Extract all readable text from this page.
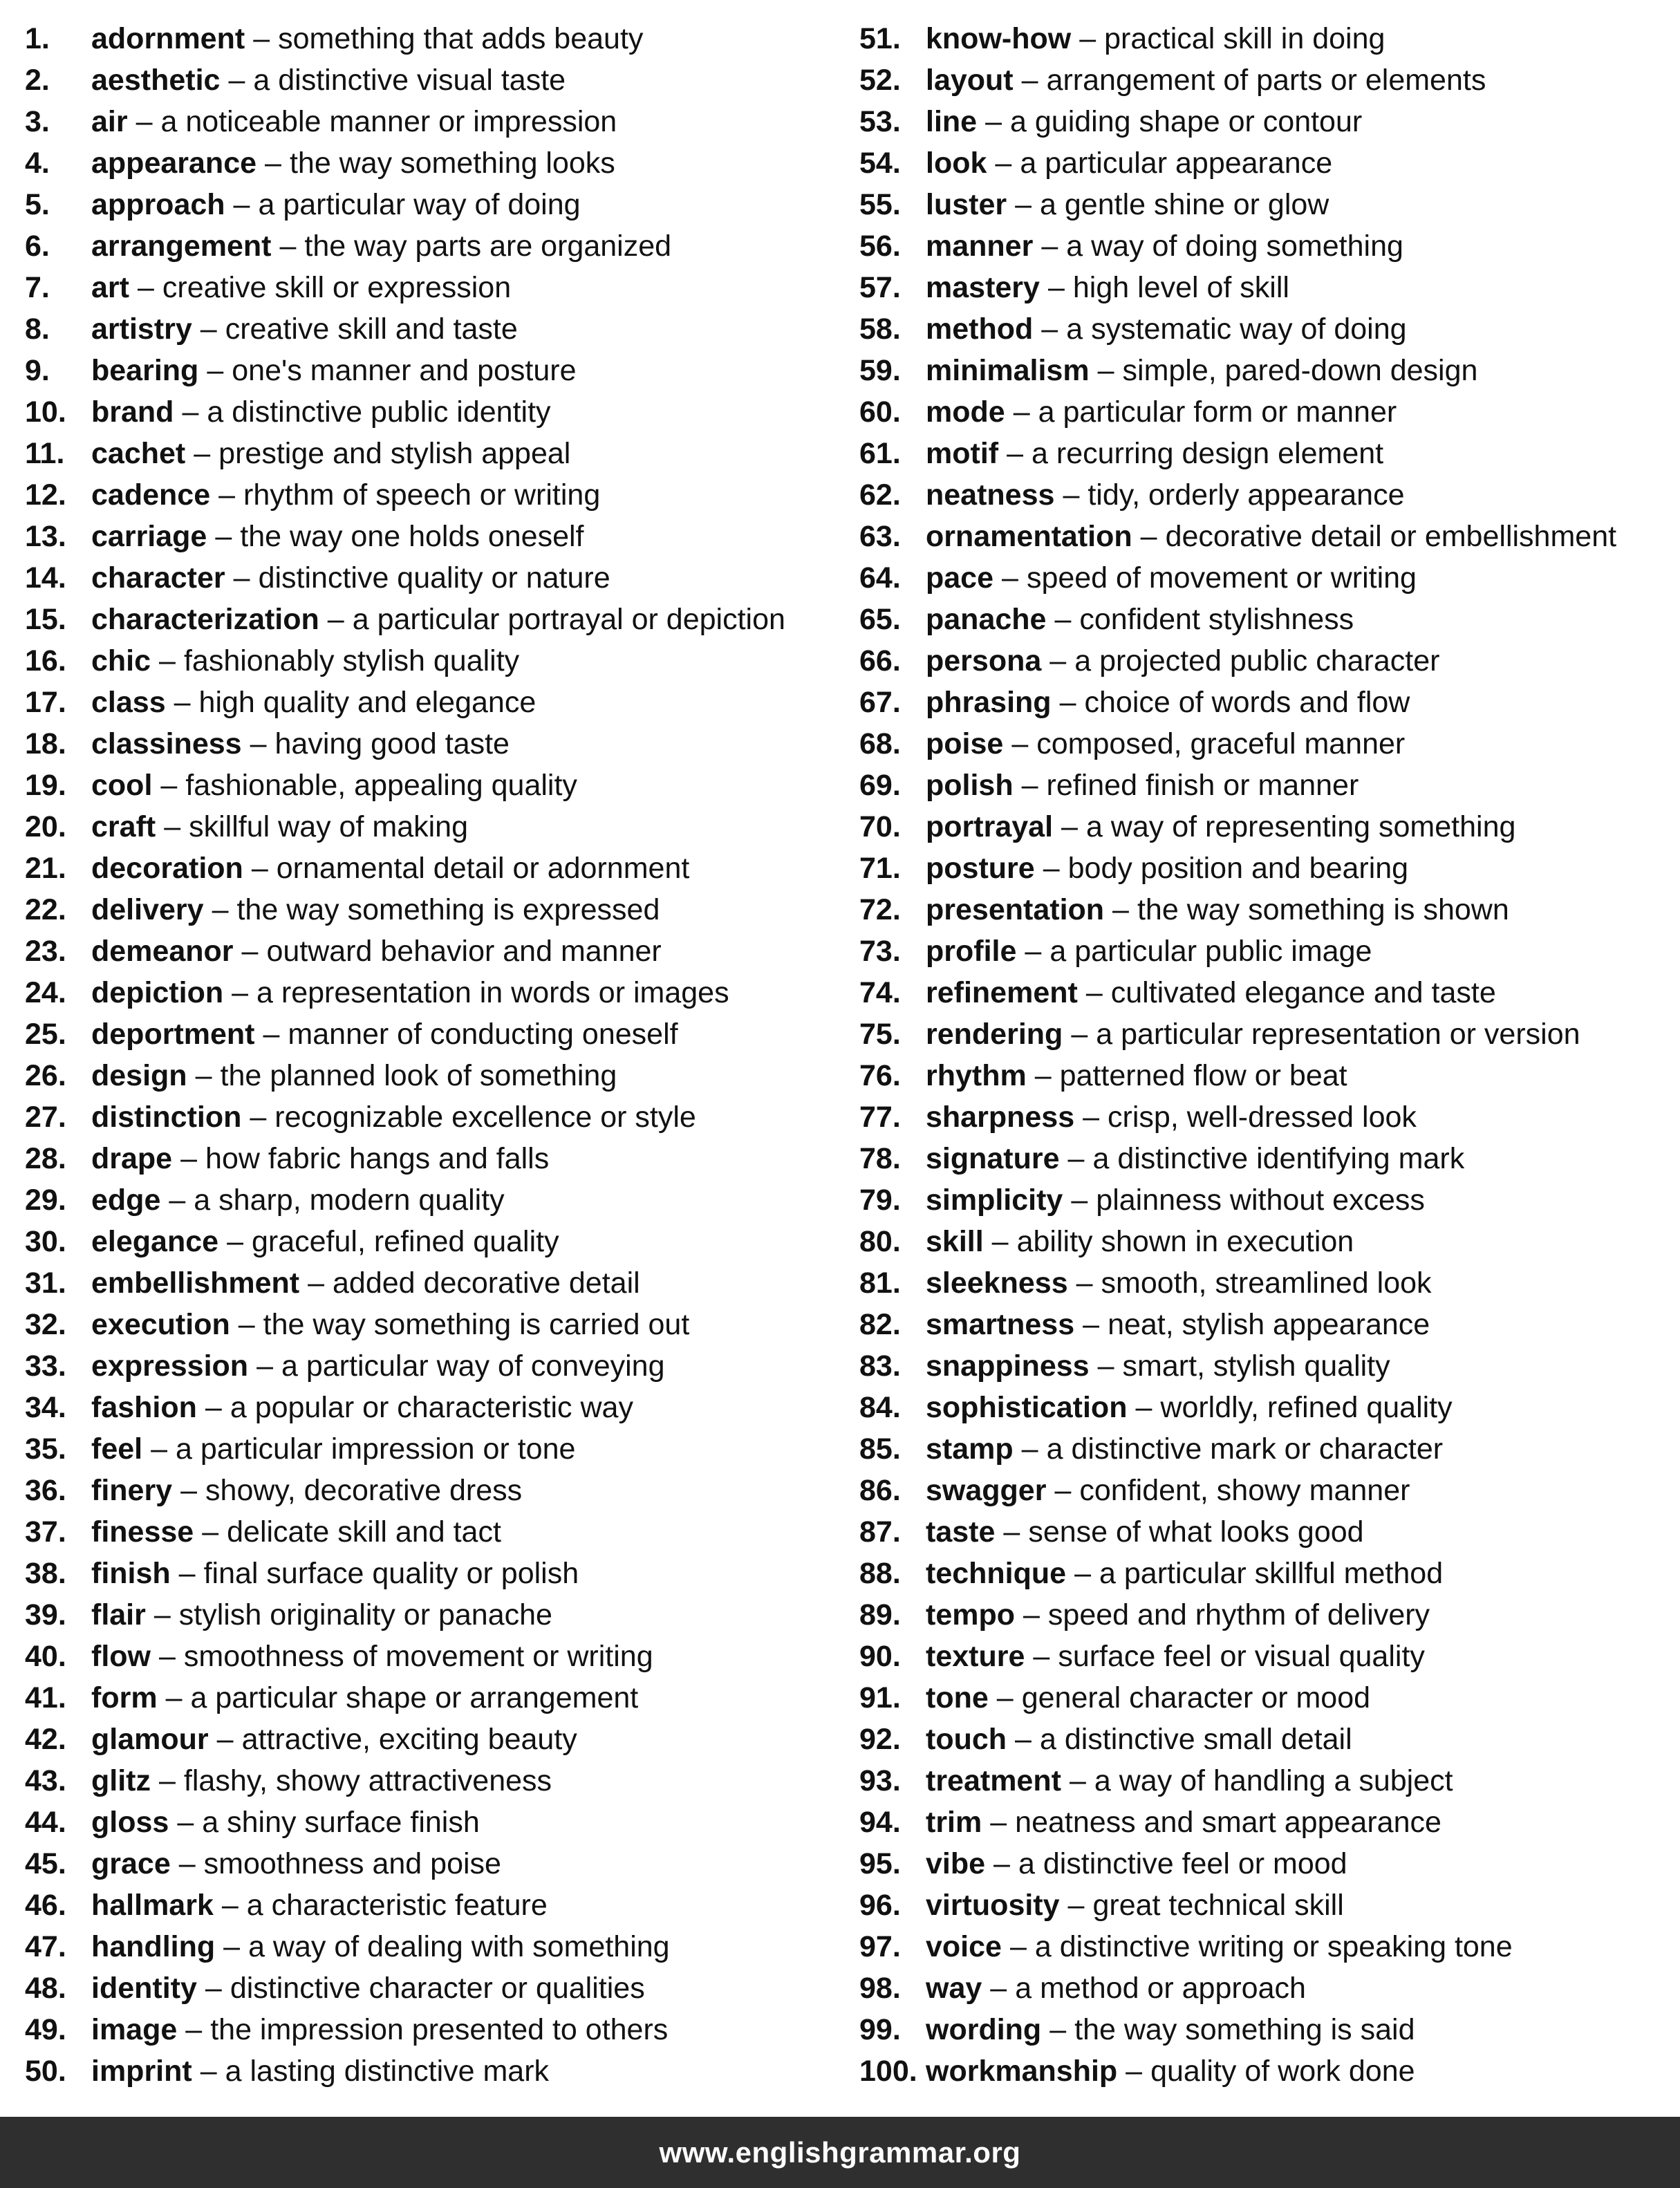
1.	adornment – something that adds beauty
2.	aesthetic – a distinctive visual taste
3.	air – a noticeable manner or impression
4.	appearance – the way something looks
5.	approach – a particular way of doing
6.	arrangement – the way parts are organized
7.	art – creative skill or expression
8.	artistry – creative skill and taste
9.	bearing – one's manner and posture
10. brand – a distinctive public identity
11. cachet – prestige and stylish appeal
12. cadence – rhythm of speech or writing
13. carriage – the way one holds oneself
14. character – distinctive quality or nature
15. characterization – a particular portrayal or depiction
16. chic – fashionably stylish quality
17. class – high quality and elegance
18. classiness – having good taste
19. cool – fashionable, appealing quality
20. craft – skillful way of making
21. decoration – ornamental detail or adornment
22. delivery – the way something is expressed
23. demeanor – outward behavior and manner
24. depiction – a representation in words or images
25. deportment – manner of conducting oneself
26. design – the planned look of something
27. distinction – recognizable excellence or style
28. drape – how fabric hangs and falls
29. edge – a sharp, modern quality
30. elegance – graceful, refined quality
31. embellishment – added decorative detail
32. execution – the way something is carried out
33. expression – a particular way of conveying
34. fashion – a popular or characteristic way
35. feel – a particular impression or tone
36. finery – showy, decorative dress
37. finesse – delicate skill and tact
38. finish – final surface quality or polish
39. flair – stylish originality or panache
40. flow – smoothness of movement or writing
41. form – a particular shape or arrangement
42. glamour – attractive, exciting beauty
43. glitz – flashy, showy attractiveness
44. gloss – a shiny surface finish
45. grace – smoothness and poise
46. hallmark – a characteristic feature
47. handling – a way of dealing with something
48. identity – distinctive character or qualities
49. image – the impression presented to others
50. imprint – a lasting distinctive mark
51. know-how – practical skill in doing
52. layout – arrangement of parts or elements
53. line – a guiding shape or contour
54. look – a particular appearance
55. luster – a gentle shine or glow
56. manner – a way of doing something
57. mastery – high level of skill
58. method – a systematic way of doing
59. minimalism – simple, pared-down design
60. mode – a particular form or manner
61. motif – a recurring design element
62. neatness – tidy, orderly appearance
63. ornamentation – decorative detail or embellishment
64. pace – speed of movement or writing
65. panache – confident stylishness
66. persona – a projected public character
67. phrasing – choice of words and flow
68. poise – composed, graceful manner
69. polish – refined finish or manner
70. portrayal – a way of representing something
71. posture – body position and bearing
72. presentation – the way something is shown
73. profile – a particular public image
74. refinement – cultivated elegance and taste
75. rendering – a particular representation or version
76. rhythm – patterned flow or beat
77. sharpness – crisp, well-dressed look
78. signature – a distinctive identifying mark
79. simplicity – plainness without excess
80. skill – ability shown in execution
81. sleekness – smooth, streamlined look
82. smartness – neat, stylish appearance
83. snappiness – smart, stylish quality
84. sophistication – worldly, refined quality
85. stamp – a distinctive mark or character
86. swagger – confident, showy manner
87. taste – sense of what looks good
88. technique – a particular skillful method
89. tempo – speed and rhythm of delivery
90. texture – surface feel or visual quality
91. tone – general character or mood
92. touch – a distinctive small detail
93. treatment – a way of handling a subject
94. trim – neatness and smart appearance
95. vibe – a distinctive feel or mood
96. virtuosity – great technical skill
97. voice – a distinctive writing or speaking tone
98. way – a method or approach
99. wording – the way something is said
100. workmanship – quality of work done
www.englishgrammar.org
